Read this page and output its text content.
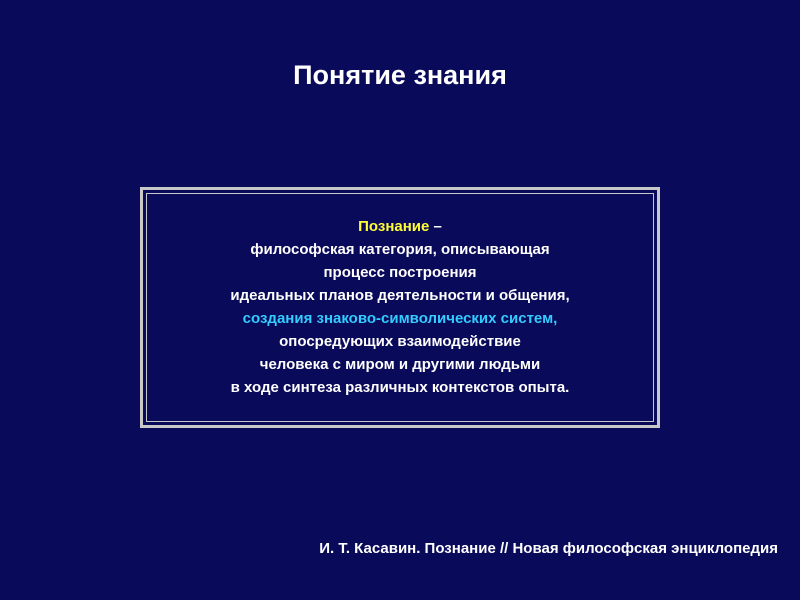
Понятие знания
Познание –
философская категория, описывающая
процесс построения
идеальных планов деятельности и общения,
создания знаково-символических систем,
опосредующих взаимодействие
человека с миром и другими людьми
в ходе синтеза различных контекстов опыта.
И. Т. Касавин. Познание // Новая философская энциклопедия
